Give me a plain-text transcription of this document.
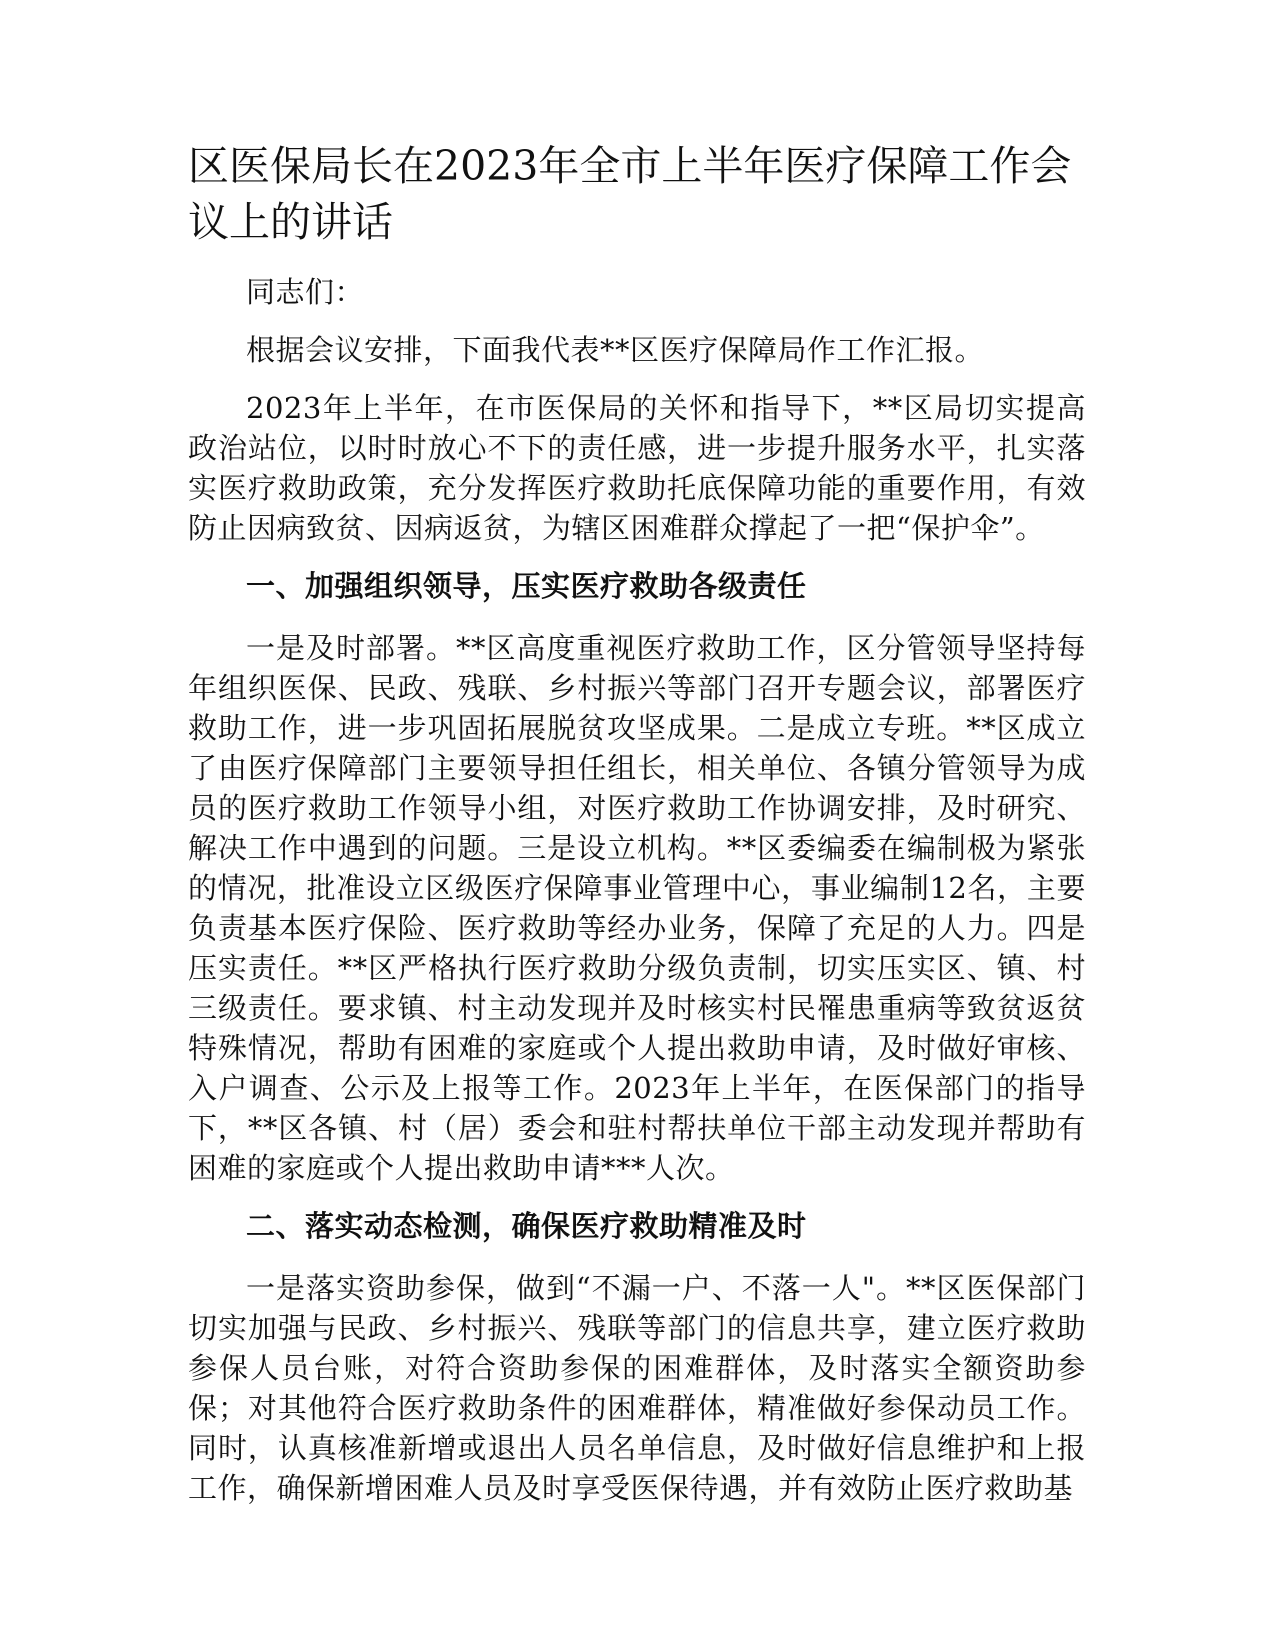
区医保局长在2023年全市上半年医疗保障工作会议上的讲话

同志们：

根据会议安排，下面我代表**区医疗保障局作工作汇报。

2023年上半年，在市医保局的关怀和指导下，**区局切实提高政治站位，以时时放心不下的责任感，进一步提升服务水平，扎实落实医疗救助政策，充分发挥医疗救助托底保障功能的重要作用，有效防止因病致贫、因病返贫，为辖区困难群众撑起了一把“保护伞”。

一、加强组织领导，压实医疗救助各级责任

一是及时部署。**区高度重视医疗救助工作，区分管领导坚持每年组织医保、民政、残联、乡村振兴等部门召开专题会议，部署医疗救助工作，进一步巩固拓展脱贫攻坚成果。二是成立专班。**区成立了由医疗保障部门主要领导担任组长，相关单位、各镇分管领导为成员的医疗救助工作领导小组，对医疗救助工作协调安排，及时研究、解决工作中遇到的问题。三是设立机构。**区委编委在编制极为紧张的情况，批准设立区级医疗保障事业管理中心，事业编制12名，主要负责基本医疗保险、医疗救助等经办业务，保障了充足的人力。四是压实责任。**区严格执行医疗救助分级负责制，切实压实区、镇、村三级责任。要求镇、村主动发现并及时核实村民罹患重病等致贫返贫特殊情况，帮助有困难的家庭或个人提出救助申请，及时做好审核、入户调查、公示及上报等工作。2023年上半年，在医保部门的指导下，**区各镇、村（居）委会和驻村帮扶单位干部主动发现并帮助有困难的家庭或个人提出救助申请***人次。

二、落实动态检测，确保医疗救助精准及时

一是落实资助参保，做到“不漏一户、不落一人"。**区医保部门切实加强与民政、乡村振兴、残联等部门的信息共享，建立医疗救助参保人员台账，对符合资助参保的困难群体，及时落实全额资助参保；对其他符合医疗救助条件的困难群体，精准做好参保动员工作。同时，认真核准新增或退出人员名单信息，及时做好信息维护和上报工作，确保新增困难人员及时享受医保待遇，并有效防止医疗救助基
